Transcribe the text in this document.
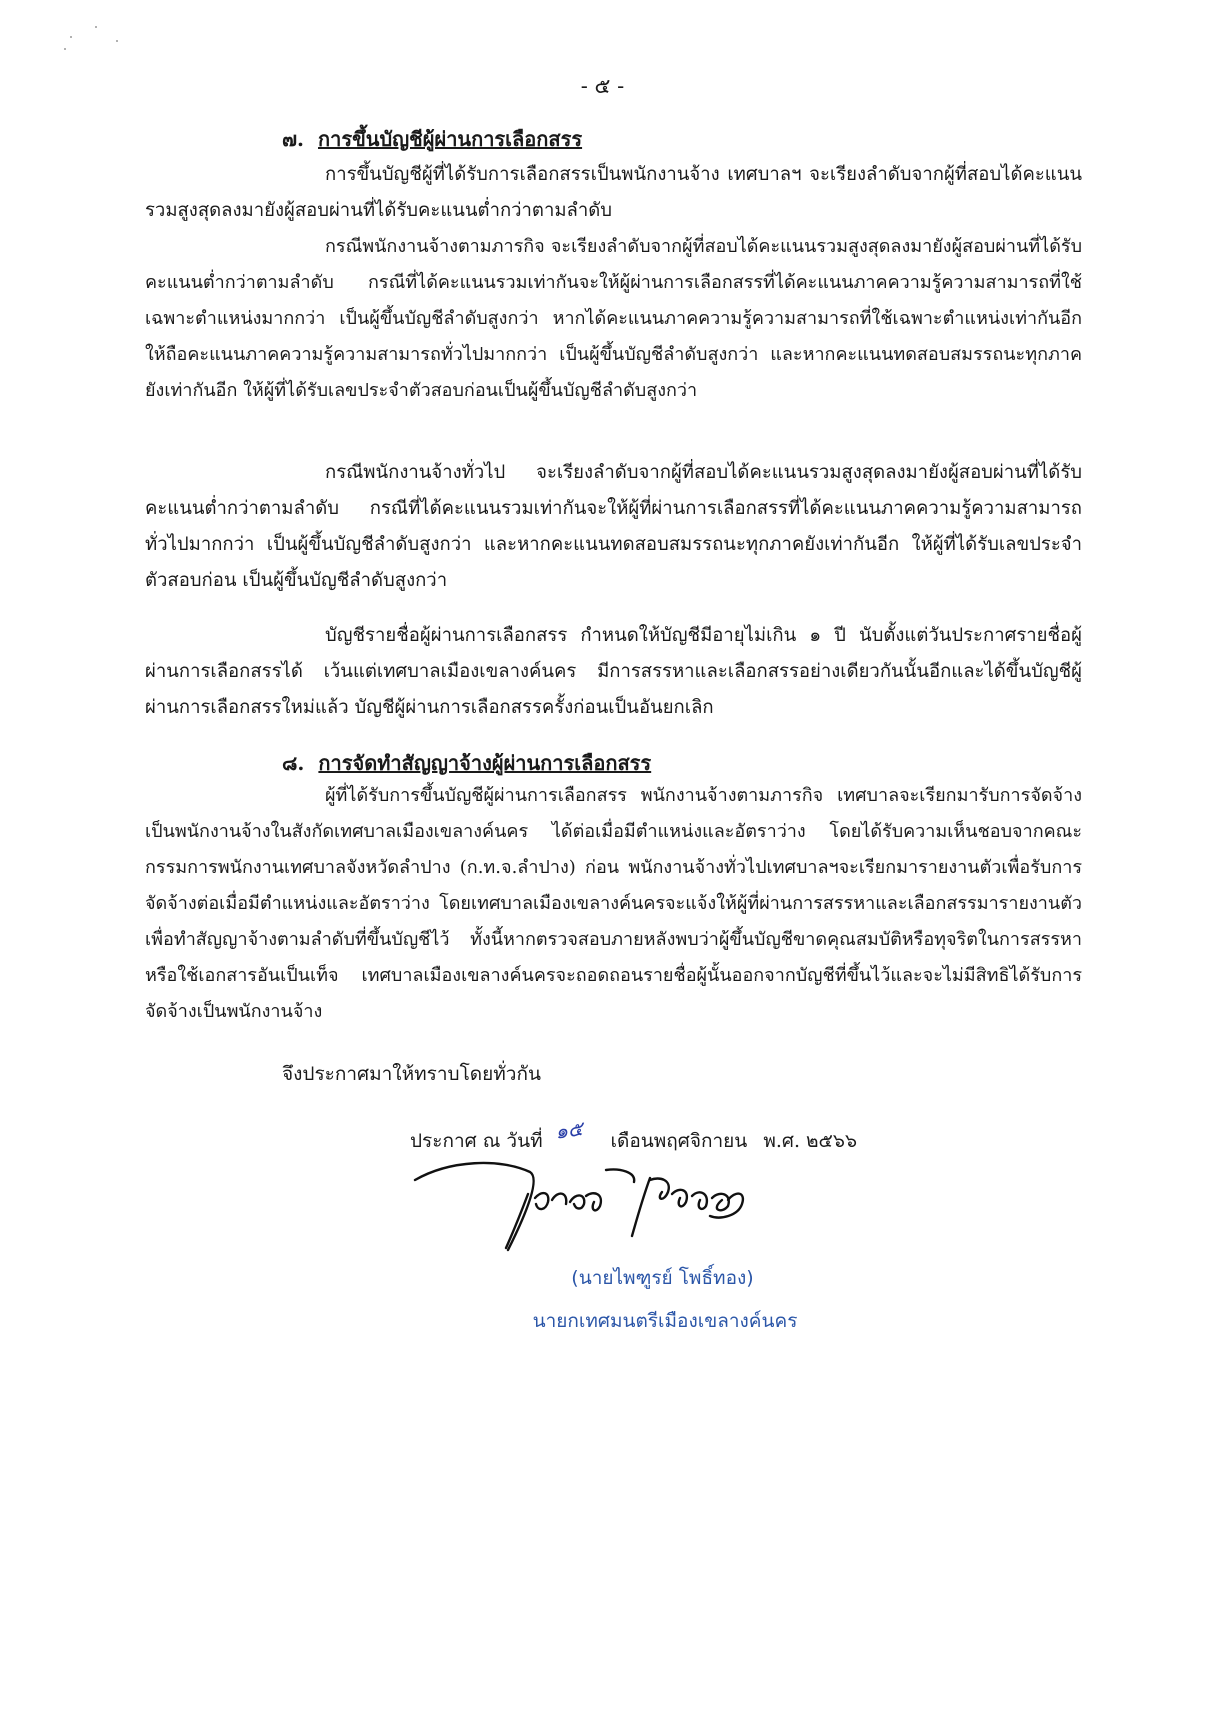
- ๕ -
๗. การขึ้นบัญชีผู้ผ่านการเลือกสรร
การขึ้นบัญชีผู้ที่ได้รับการเลือกสรรเป็นพนักงานจ้าง เทศบาลฯ จะเรียงลำดับจากผู้ที่สอบได้คะแนนรวมสูงสุดลงมายังผู้สอบผ่านที่ได้รับคะแนนต่ำกว่าตามลำดับ
กรณีพนักงานจ้างตามภารกิจ จะเรียงลำดับจากผู้ที่สอบได้คะแนนรวมสูงสุดลงมายังผู้สอบผ่านที่ได้รับคะแนนต่ำกว่าตามลำดับ กรณีที่ได้คะแนนรวมเท่ากันจะให้ผู้ผ่านการเลือกสรรที่ได้คะแนนภาคความรู้ความสามารถที่ใช้เฉพาะตำแหน่งมากกว่า เป็นผู้ขึ้นบัญชีลำดับสูงกว่า หากได้คะแนนภาคความรู้ความสามารถที่ใช้เฉพาะตำแหน่งเท่ากันอีกให้ถือคะแนนภาคความรู้ความสามารถทั่วไปมากกว่า เป็นผู้ขึ้นบัญชีลำดับสูงกว่า และหากคะแนนทดสอบสมรรถนะทุกภาคยังเท่ากันอีก ให้ผู้ที่ได้รับเลขประจำตัวสอบก่อนเป็นผู้ขึ้นบัญชีลำดับสูงกว่า
กรณีพนักงานจ้างทั่วไป จะเรียงลำดับจากผู้ที่สอบได้คะแนนรวมสูงสุดลงมายังผู้สอบผ่านที่ได้รับคะแนนต่ำกว่าตามลำดับ กรณีที่ได้คะแนนรวมเท่ากันจะให้ผู้ที่ผ่านการเลือกสรรที่ได้คะแนนภาคความรู้ความสามารถทั่วไปมากกว่า เป็นผู้ขึ้นบัญชีลำดับสูงกว่า และหากคะแนนทดสอบสมรรถนะทุกภาคยังเท่ากันอีก ให้ผู้ที่ได้รับเลขประจำตัวสอบก่อน เป็นผู้ขึ้นบัญชีลำดับสูงกว่า
บัญชีรายชื่อผู้ผ่านการเลือกสรร กำหนดให้บัญชีมีอายุไม่เกิน ๑ ปี นับตั้งแต่วันประกาศรายชื่อผู้ผ่านการเลือกสรรได้ เว้นแต่เทศบาลเมืองเขลางค์นคร มีการสรรหาและเลือกสรรอย่างเดียวกันนั้นอีกและได้ขึ้นบัญชีผู้ผ่านการเลือกสรรใหม่แล้ว บัญชีผู้ผ่านการเลือกสรรครั้งก่อนเป็นอันยกเลิก
๘. การจัดทำสัญญาจ้างผู้ผ่านการเลือกสรร
ผู้ที่ได้รับการขึ้นบัญชีผู้ผ่านการเลือกสรร พนักงานจ้างตามภารกิจ เทศบาลจะเรียกมารับการจัดจ้างเป็นพนักงานจ้างในสังกัดเทศบาลเมืองเขลางค์นคร ได้ต่อเมื่อมีตำแหน่งและอัตราว่าง โดยได้รับความเห็นชอบจากคณะกรรมการพนักงานเทศบาลจังหวัดลำปาง (ก.ท.จ.ลำปาง) ก่อน พนักงานจ้างทั่วไปเทศบาลฯจะเรียกมารายงานตัวเพื่อรับการจัดจ้างต่อเมื่อมีตำแหน่งและอัตราว่าง โดยเทศบาลเมืองเขลางค์นครจะแจ้งให้ผู้ที่ผ่านการสรรหาและเลือกสรรมารายงานตัวเพื่อทำสัญญาจ้างตามลำดับที่ขึ้นบัญชีไว้ ทั้งนี้หากตรวจสอบภายหลังพบว่าผู้ขึ้นบัญชีขาดคุณสมบัติหรือทุจริตในการสรรหา หรือใช้เอกสารอันเป็นเท็จ เทศบาลเมืองเขลางค์นครจะถอดถอนรายชื่อผู้นั้นออกจากบัญชีที่ขึ้นไว้และจะไม่มีสิทธิได้รับการจัดจ้างเป็นพนักงานจ้าง
จึงประกาศมาให้ทราบโดยทั่วกัน
ประกาศ ณ วันที่ ๑๕ เดือนพฤศจิกายน พ.ศ. ๒๕๖๖
(นายไพฑูรย์ โพธิ์ทอง)
นายกเทศมนตรีเมืองเขลางค์นคร
